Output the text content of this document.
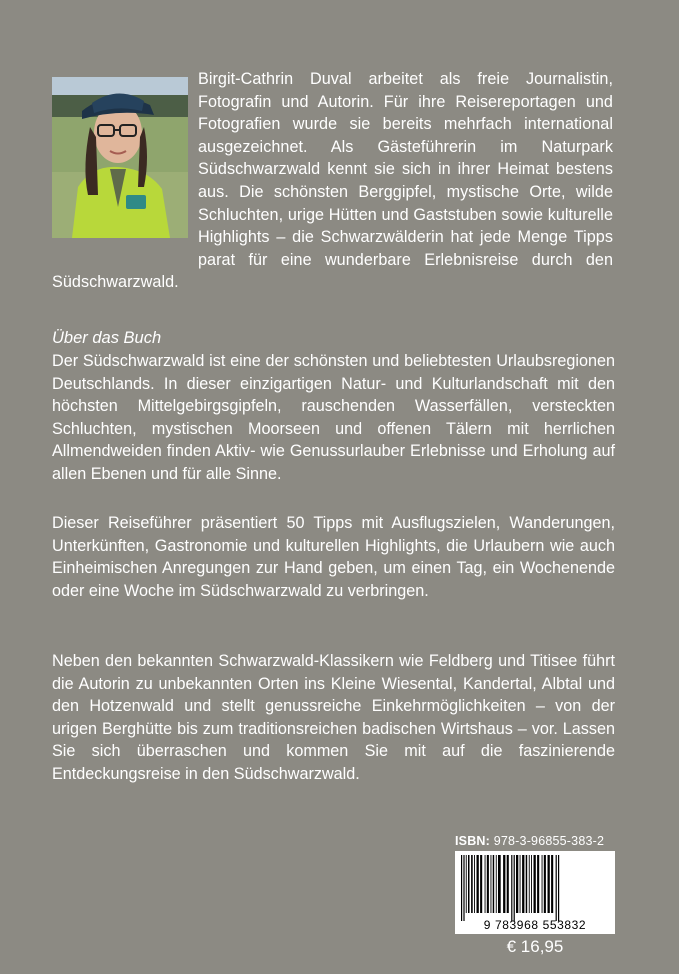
Birgit-Cathrin Duval arbeitet als freie Journalistin, Fotografin und Autorin. Für ihre Reisereportagen und Fotografien wurde sie bereits mehrfach international ausgezeichnet. Als Gästeführerin im Naturpark Südschwarzwald kennt sie sich in ihrer Heimat bestens aus. Die schönsten Berggipfel, mystische Orte, wilde Schluchten, urige Hütten und Gaststuben sowie kulturelle Highlights – die Schwarzwälderin hat jede Menge Tipps parat für eine wunderbare Erlebnisreise durch den Südschwarzwald.

Über das Buch

Der Südschwarzwald ist eine der schönsten und beliebtesten Urlaubsregionen Deutschlands. In dieser einzigartigen Natur- und Kulturlandschaft mit den höchsten Mittelgebirgsgipfeln, rauschenden Wasserfällen, versteckten Schluchten, mystischen Moorseen und offenen Tälern mit herrlichen Allmendweiden finden Aktiv- wie Genussurlauber Erlebnisse und Erholung auf allen Ebenen und für alle Sinne.

Dieser Reiseführer präsentiert 50 Tipps mit Ausflugszielen, Wanderungen, Unterkünften, Gastronomie und kulturellen Highlights, die Urlaubern wie auch Einheimischen Anregungen zur Hand geben, um einen Tag, ein Wochenende oder eine Woche im Südschwarzwald zu verbringen.

Neben den bekannten Schwarzwald-Klassikern wie Feldberg und Titisee führt die Autorin zu unbekannten Orten ins Kleine Wiesental, Kandertal, Albtal und den Hotzenwald und stellt genussreiche Einkehrmöglichkeiten – von der urigen Berghütte bis zum traditionsreichen badischen Wirtshaus – vor. Lassen Sie sich überraschen und kommen Sie mit auf die faszinierende Entdeckungsreise in den Südschwarzwald.

ISBN: 978-3-96855-383-2
9 783968 553832
€ 16,95
